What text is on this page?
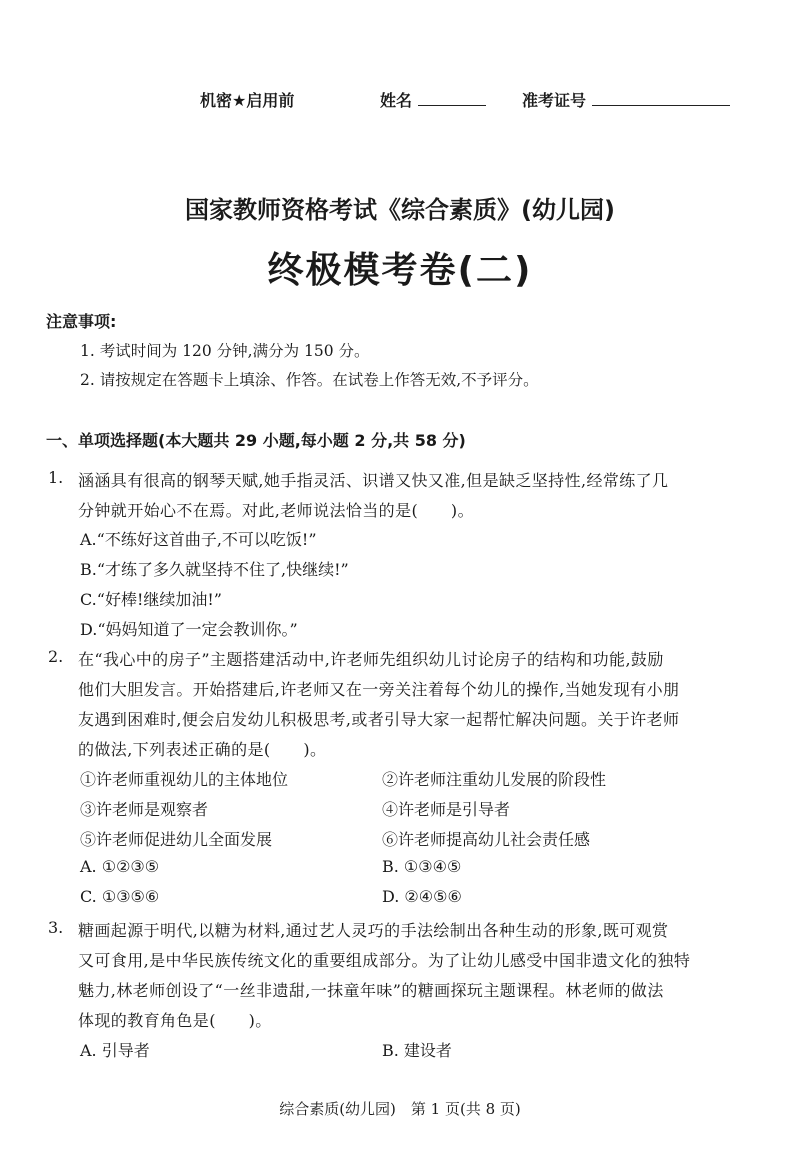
机密★启用前	姓名	准考证号
国家教师资格考试《综合素质》(幼儿园)
终极模考卷(二)
注意事项:
1. 考试时间为 120 分钟,满分为 150 分。
2. 请按规定在答题卡上填涂、作答。在试卷上作答无效,不予评分。
一、单项选择题(本大题共 29 小题,每小题 2 分,共 58 分)
1. 涵涵具有很高的钢琴天赋,她手指灵活、识谱又快又准,但是缺乏坚持性,经常练了几
分钟就开始心不在焉。对此,老师说法恰当的是(　　)。
A.“不练好这首曲子,不可以吃饭!”
B.“才练了多久就坚持不住了,快继续!”
C.“好棒!继续加油!”
D.“妈妈知道了一定会教训你。”
2. 在“我心中的房子”主题搭建活动中,许老师先组织幼儿讨论房子的结构和功能,鼓励
他们大胆发言。开始搭建后,许老师又在一旁关注着每个幼儿的操作,当她发现有小朋
友遇到困难时,便会启发幼儿积极思考,或者引导大家一起帮忙解决问题。关于许老师
的做法,下列表述正确的是(　　)。
①许老师重视幼儿的主体地位	②许老师注重幼儿发展的阶段性
③许老师是观察者	④许老师是引导者
⑤许老师促进幼儿全面发展	⑥许老师提高幼儿社会责任感
A. ①②③⑤	B. ①③④⑤
C. ①③⑤⑥	D. ②④⑤⑥
3. 糖画起源于明代,以糖为材料,通过艺人灵巧的手法绘制出各种生动的形象,既可观赏
又可食用,是中华民族传统文化的重要组成部分。为了让幼儿感受中国非遗文化的独特
魅力,林老师创设了“一丝非遗甜,一抹童年味”的糖画探玩主题课程。林老师的做法
体现的教育角色是(　　)。
A. 引导者	B. 建设者
综合素质(幼儿园)　第 1 页(共 8 页)
